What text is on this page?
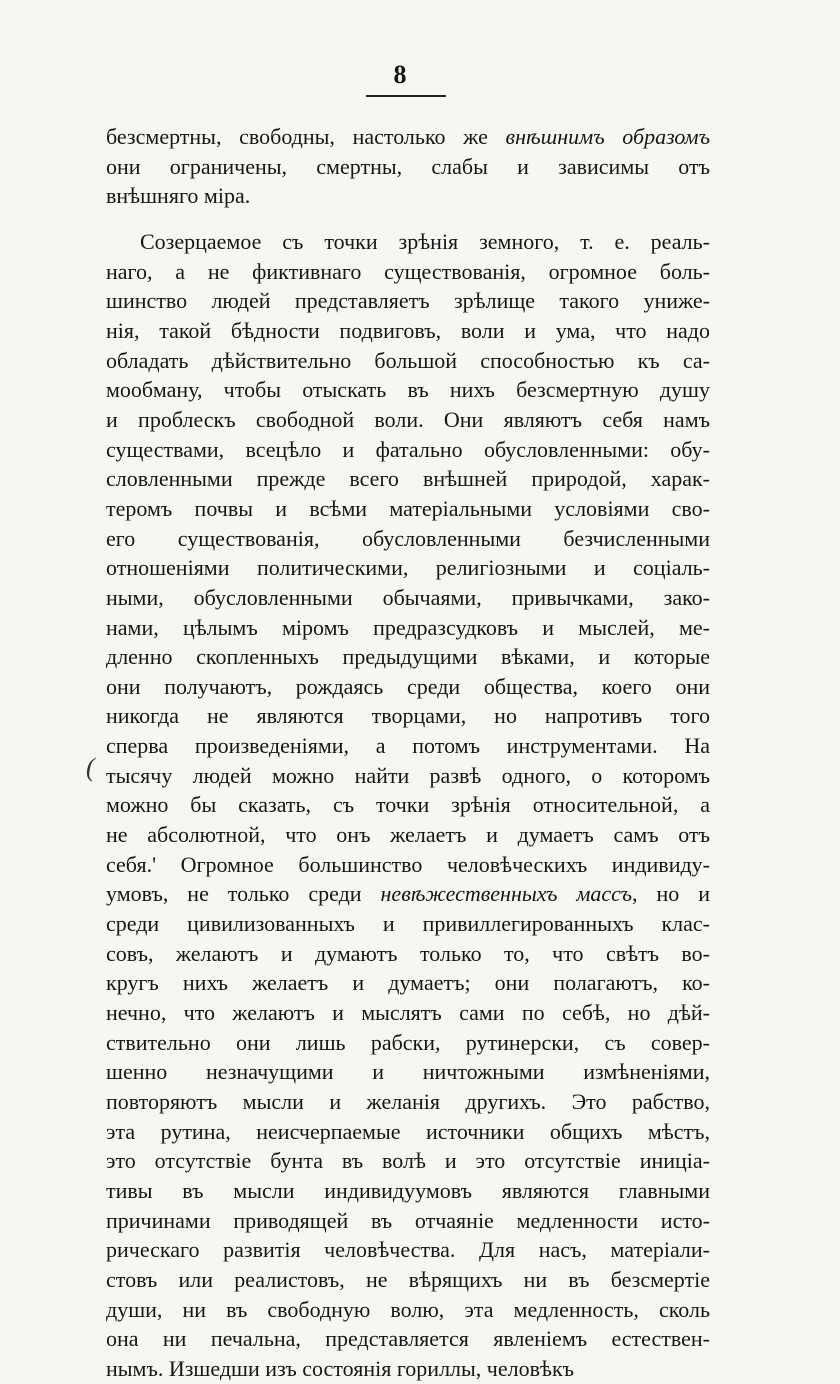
8
(
безсмертны, свободны, настолько же внѣшнимъ образомъ
они ограничены, смертны, слабы и зависимы отъ
внѣшняго міра.
Созерцаемое съ точки зрѣнія земного, т. е. реаль-
наго, а не фиктивнаго существованія, огромное боль-
шинство людей представляетъ зрѣлище такого униже-
нія, такой бѣдности подвиговъ, воли и ума, что надо
обладать дѣйствительно большой способностью къ са-
мообману, чтобы отыскать въ нихъ безсмертную душу
и проблескъ свободной воли. Они являютъ себя намъ
существами, всецѣло и фатально обусловленными: обу-
словленными прежде всего внѣшней природой, харак-
теромъ почвы и всѣми матеріальными условіями сво-
его существованія, обусловленными безчисленными
отношеніями политическими, религіозными и соціаль-
ными, обусловленными обычаями, привычками, зако-
нами, цѣлымъ міромъ предразсудковъ и мыслей, ме-
дленно скопленныхъ предыдущими вѣками, и которые
они получаютъ, рождаясь среди общества, коего они
никогда не являются творцами, но напротивъ того
сперва произведеніями, а потомъ инструментами. На
тысячу людей можно найти развѣ одного, о которомъ
можно бы сказать, съ точки зрѣнія относительной, а
не абсолютной, что онъ желаетъ и думаетъ самъ отъ
себя.' Огромное большинство человѣческихъ индивиду-
умовъ, не только среди невѣжественныхъ массъ, но и
среди цивилизованныхъ и привиллегированныхъ клас-
совъ, желаютъ и думаютъ только то, что свѣтъ во-
кругъ нихъ желаетъ и думаетъ; они полагаютъ, ко-
нечно, что желаютъ и мыслятъ сами по себѣ, но дѣй-
ствительно они лишь рабски, рутинерски, съ совер-
шенно незначущими и ничтожными измѣненіями,
повторяютъ мысли и желанія другихъ. Это рабство,
эта рутина, неисчерпаемые источники общихъ мѣстъ,
это отсутствіе бунта въ волѣ и это отсутствіе иниціа-
тивы въ мысли индивидуумовъ являются главными
причинами приводящей въ отчаяніе медленности исто-
рическаго развитія человѣчества. Для насъ, матеріали-
стовъ или реалистовъ, не вѣрящихъ ни въ безсмертіе
души, ни въ свободную волю, эта медленность, сколь
она ни печальна, представляется явленіемъ естествен-
нымъ. Изшедши изъ состоянія гориллы, человѣкъ
